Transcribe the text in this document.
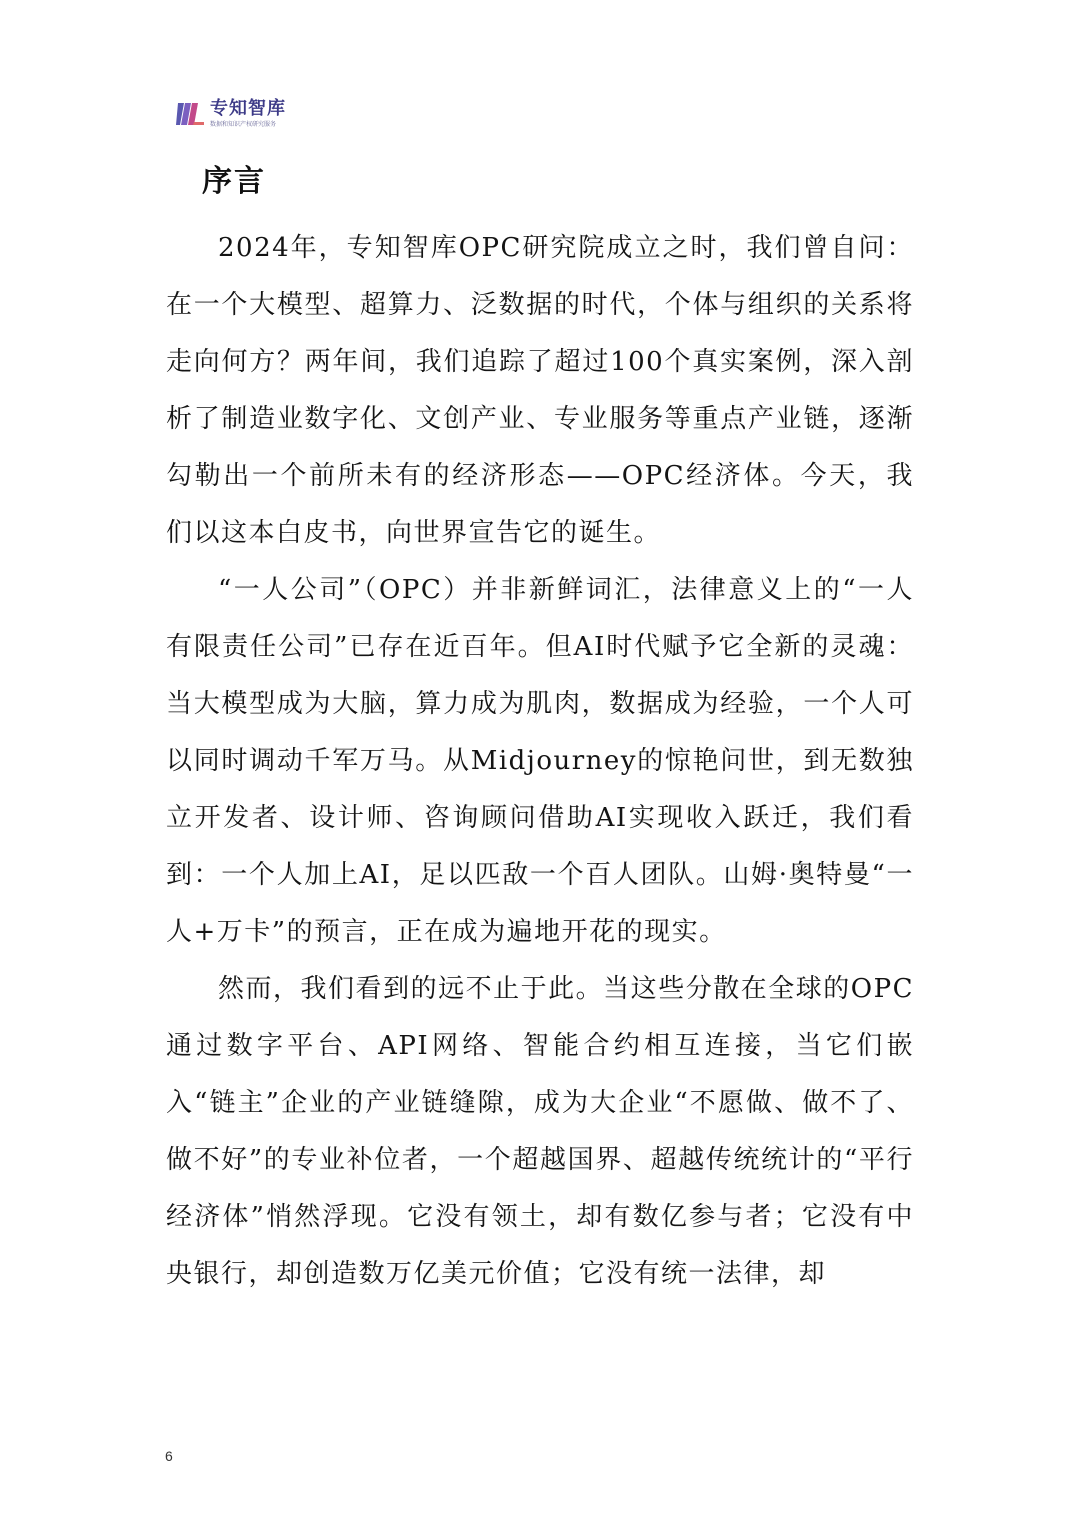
专知智库
数据和知识产权研究服务
序言

2024年，专知智库OPC研究院成立之时，我们曾自问：在一个大模型、超算力、泛数据的时代，个体与组织的关系将走向何方？两年间，我们追踪了超过100个真实案例，深入剖析了制造业数字化、文创产业、专业服务等重点产业链，逐渐勾勒出一个前所未有的经济形态——OPC经济体。今天，我们以这本白皮书，向世界宣告它的诞生。

“一人公司”（OPC）并非新鲜词汇，法律意义上的“一人有限责任公司”已存在近百年。但AI时代赋予它全新的灵魂：当大模型成为大脑，算力成为肌肉，数据成为经验，一个人可以同时调动千军万马。从Midjourney的惊艳问世，到无数独立开发者、设计师、咨询顾问借助AI实现收入跃迁，我们看到：一个人加上AI，足以匹敌一个百人团队。山姆·奥特曼“一人+万卡”的预言，正在成为遍地开花的现实。

然而，我们看到的远不止于此。当这些分散在全球的OPC通过数字平台、API网络、智能合约相互连接，当它们嵌入“链主”企业的产业链缝隙，成为大企业“不愿做、做不了、做不好”的专业补位者，一个超越国界、超越传统统计的“平行经济体”悄然浮现。它没有领土，却有数亿参与者；它没有中央银行，却创造数万亿美元价值；它没有统一法律，却

6
